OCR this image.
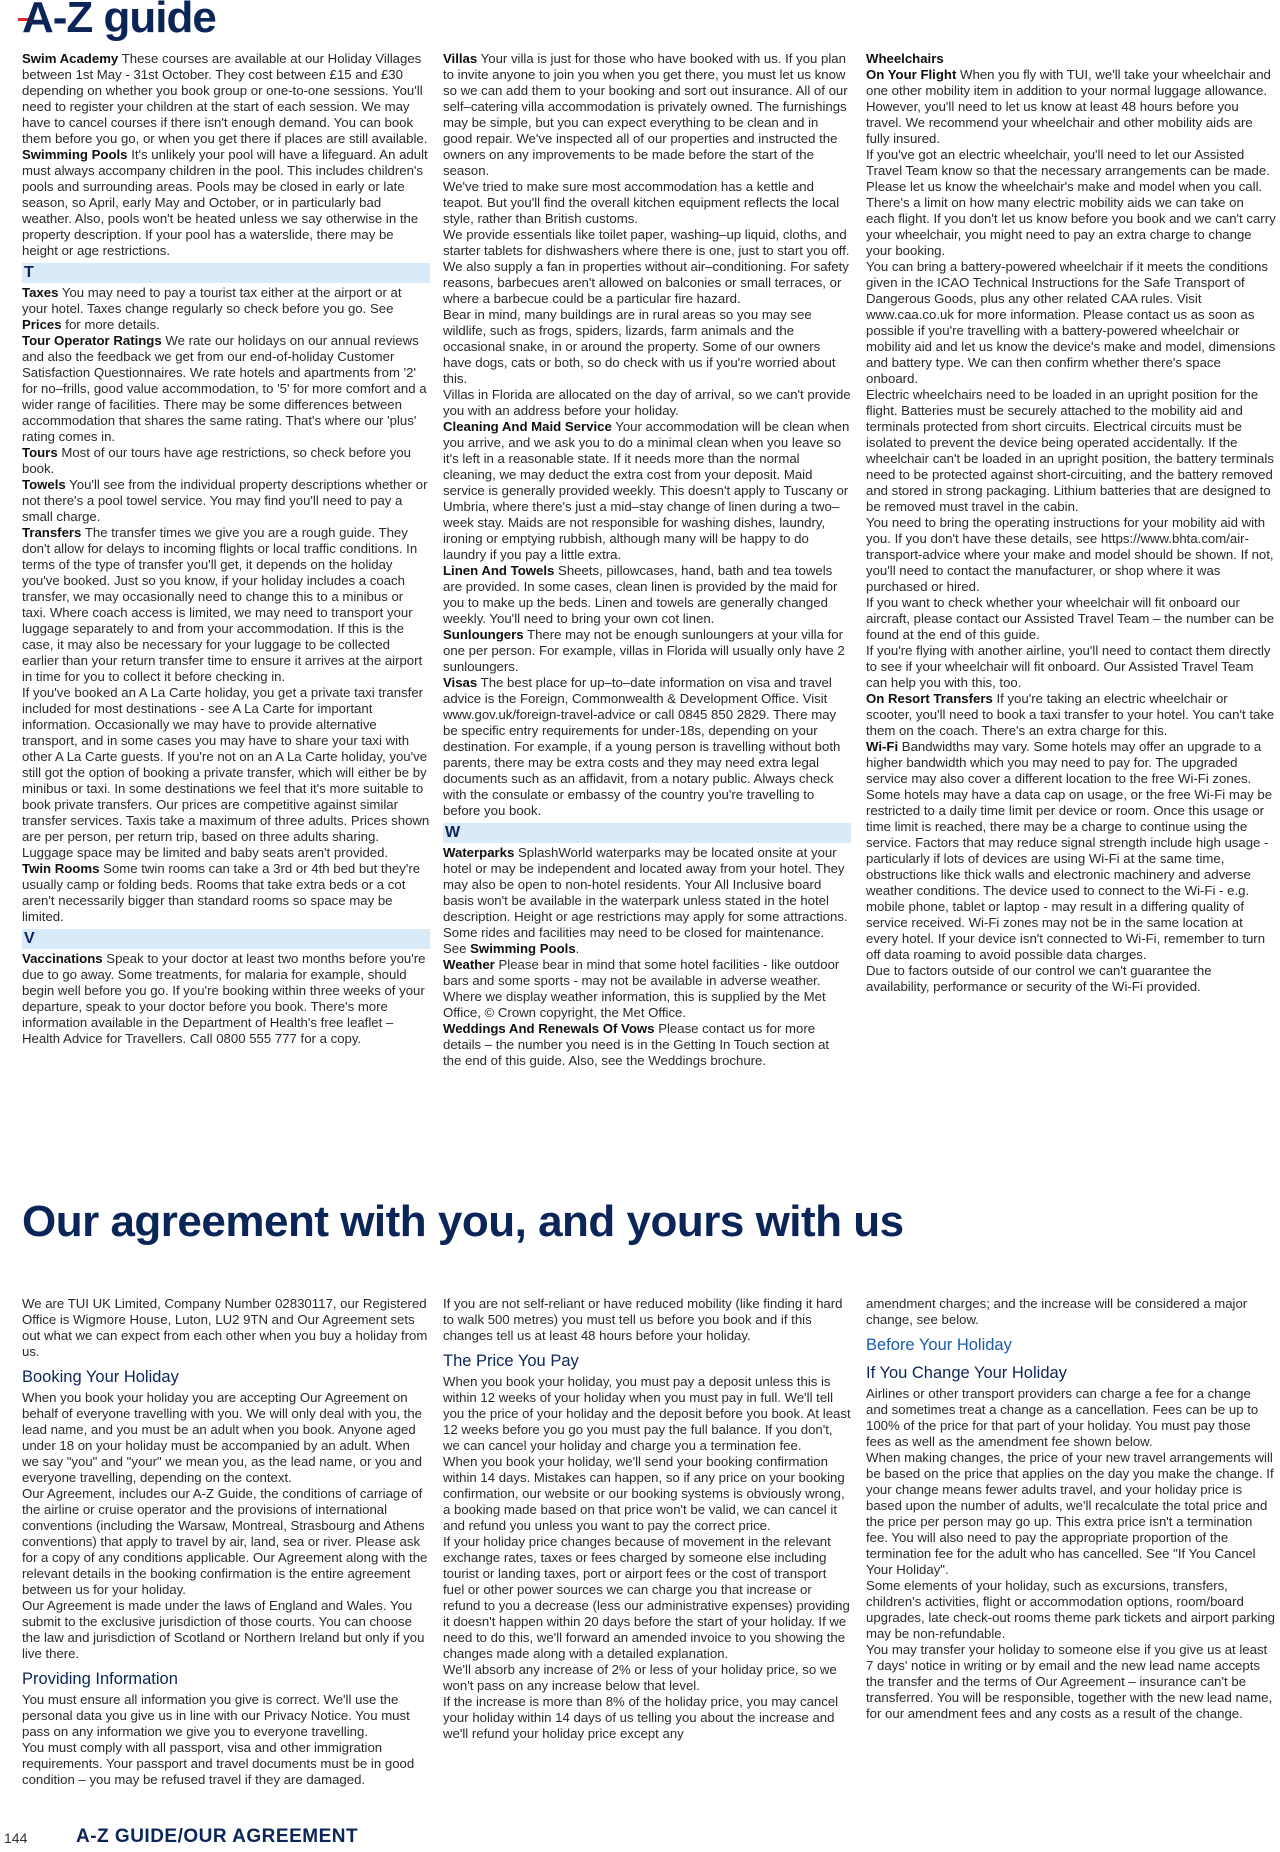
A-Z guide

Swim Academy These courses are available at our Holiday Villages between 1st May - 31st October. They cost between £15 and £30 depending on whether you book group or one-to-one sessions. You'll need to register your children at the start of each session. We may have to cancel courses if there isn't enough demand. You can book them before you go, or when you get there if places are still available.

Swimming Pools It's unlikely your pool will have a lifeguard. An adult must always accompany children in the pool. This includes children's pools and surrounding areas. Pools may be closed in early or late season, so April, early May and October, or in particularly bad weather. Also, pools won't be heated unless we say otherwise in the property description. If your pool has a waterslide, there may be height or age restrictions.

T

Taxes You may need to pay a tourist tax either at the airport or at your hotel. Taxes change regularly so check before you go. See Prices for more details.

Tour Operator Ratings We rate our holidays on our annual reviews and also the feedback we get from our end-of-holiday Customer Satisfaction Questionnaires. We rate hotels and apartments from '2' for no–frills, good value accommodation, to '5' for more comfort and a wider range of facilities. There may be some differences between accommodation that shares the same rating. That's where our 'plus' rating comes in.

Tours Most of our tours have age restrictions, so check before you book.

Towels You'll see from the individual property descriptions whether or not there's a pool towel service. You may find you'll need to pay a small charge.

Transfers The transfer times we give you are a rough guide. They don't allow for delays to incoming flights or local traffic conditions. In terms of the type of transfer you'll get, it depends on the holiday you've booked. Just so you know, if your holiday includes a coach transfer, we may occasionally need to change this to a minibus or taxi. Where coach access is limited, we may need to transport your luggage separately to and from your accommodation. If this is the case, it may also be necessary for your luggage to be collected earlier than your return transfer time to ensure it arrives at the airport in time for you to collect it before checking in.

If you've booked an A La Carte holiday, you get a private taxi transfer included for most destinations - see A La Carte for important information. Occasionally we may have to provide alternative transport, and in some cases you may have to share your taxi with other A La Carte guests. If you're not on an A La Carte holiday, you've still got the option of booking a private transfer, which will either be by minibus or taxi. In some destinations we feel that it's more suitable to book private transfers. Our prices are competitive against similar transfer services. Taxis take a maximum of three adults. Prices shown are per person, per return trip, based on three adults sharing. Luggage space may be limited and baby seats aren't provided.

Twin Rooms Some twin rooms can take a 3rd or 4th bed but they're usually camp or folding beds. Rooms that take extra beds or a cot aren't necessarily bigger than standard rooms so space may be limited.

V

Vaccinations Speak to your doctor at least two months before you're due to go away. Some treatments, for malaria for example, should begin well before you go. If you're booking within three weeks of your departure, speak to your doctor before you book. There's more information available in the Department of Health's free leaflet – Health Advice for Travellers. Call 0800 555 777 for a copy.

Villas Your villa is just for those who have booked with us. If you plan to invite anyone to join you when you get there, you must let us know so we can add them to your booking and sort out insurance. All of our self–catering villa accommodation is privately owned. The furnishings may be simple, but you can expect everything to be clean and in good repair. We've inspected all of our properties and instructed the owners on any improvements to be made before the start of the season.

We've tried to make sure most accommodation has a kettle and teapot. But you'll find the overall kitchen equipment reflects the local style, rather than British customs.

We provide essentials like toilet paper, washing–up liquid, cloths, and starter tablets for dishwashers where there is one, just to start you off. We also supply a fan in properties without air–conditioning. For safety reasons, barbecues aren't allowed on balconies or small terraces, or where a barbecue could be a particular fire hazard.

Bear in mind, many buildings are in rural areas so you may see wildlife, such as frogs, spiders, lizards, farm animals and the occasional snake, in or around the property. Some of our owners have dogs, cats or both, so do check with us if you're worried about this.

Villas in Florida are allocated on the day of arrival, so we can't provide you with an address before your holiday.

Cleaning And Maid Service Your accommodation will be clean when you arrive, and we ask you to do a minimal clean when you leave so it's left in a reasonable state. If it needs more than the normal cleaning, we may deduct the extra cost from your deposit. Maid service is generally provided weekly. This doesn't apply to Tuscany or Umbria, where there's just a mid–stay change of linen during a two–week stay. Maids are not responsible for washing dishes, laundry, ironing or emptying rubbish, although many will be happy to do laundry if you pay a little extra.

Linen And Towels Sheets, pillowcases, hand, bath and tea towels are provided. In some cases, clean linen is provided by the maid for you to make up the beds. Linen and towels are generally changed weekly. You'll need to bring your own cot linen.

Sunloungers There may not be enough sunloungers at your villa for one per person. For example, villas in Florida will usually only have 2 sunloungers.

Visas The best place for up–to–date information on visa and travel advice is the Foreign, Commonwealth & Development Office. Visit www.gov.uk/foreign-travel-advice or call 0845 850 2829. There may be specific entry requirements for under-18s, depending on your destination. For example, if a young person is travelling without both parents, there may be extra costs and they may need extra legal documents such as an affidavit, from a notary public. Always check with the consulate or embassy of the country you're travelling to before you book.

W

Waterparks SplashWorld waterparks may be located onsite at your hotel or may be independent and located away from your hotel. They may also be open to non-hotel residents. Your All Inclusive board basis won't be available in the waterpark unless stated in the hotel description. Height or age restrictions may apply for some attractions. Some rides and facilities may need to be closed for maintenance. See Swimming Pools.

Weather Please bear in mind that some hotel facilities - like outdoor bars and some sports - may not be available in adverse weather. Where we display weather information, this is supplied by the Met Office, © Crown copyright, the Met Office.

Weddings And Renewals Of Vows Please contact us for more details – the number you need is in the Getting In Touch section at the end of this guide. Also, see the Weddings brochure.

Wheelchairs

On Your Flight When you fly with TUI, we'll take your wheelchair and one other mobility item in addition to your normal luggage allowance. However, you'll need to let us know at least 48 hours before you travel. We recommend your wheelchair and other mobility aids are fully insured.

If you've got an electric wheelchair, you'll need to let our Assisted Travel Team know so that the necessary arrangements can be made. Please let us know the wheelchair's make and model when you call. There's a limit on how many electric mobility aids we can take on each flight. If you don't let us know before you book and we can't carry your wheelchair, you might need to pay an extra charge to change your booking.

You can bring a battery-powered wheelchair if it meets the conditions given in the ICAO Technical Instructions for the Safe Transport of Dangerous Goods, plus any other related CAA rules. Visit www.caa.co.uk for more information. Please contact us as soon as possible if you're travelling with a battery-powered wheelchair or mobility aid and let us know the device's make and model, dimensions and battery type. We can then confirm whether there's space onboard.

Electric wheelchairs need to be loaded in an upright position for the flight. Batteries must be securely attached to the mobility aid and terminals protected from short circuits. Electrical circuits must be isolated to prevent the device being operated accidentally. If the wheelchair can't be loaded in an upright position, the battery terminals need to be protected against short-circuiting, and the battery removed and stored in strong packaging. Lithium batteries that are designed to be removed must travel in the cabin.

You need to bring the operating instructions for your mobility aid with you. If you don't have these details, see https://www.bhta.com/air-transport-advice where your make and model should be shown. If not, you'll need to contact the manufacturer, or shop where it was purchased or hired.

If you want to check whether your wheelchair will fit onboard our aircraft, please contact our Assisted Travel Team – the number can be found at the end of this guide.

If you're flying with another airline, you'll need to contact them directly to see if your wheelchair will fit onboard. Our Assisted Travel Team can help you with this, too.

On Resort Transfers If you're taking an electric wheelchair or scooter, you'll need to book a taxi transfer to your hotel. You can't take them on the coach. There's an extra charge for this.

Wi-Fi Bandwidths may vary. Some hotels may offer an upgrade to a higher bandwidth which you may need to pay for. The upgraded service may also cover a different location to the free Wi-Fi zones. Some hotels may have a data cap on usage, or the free Wi-Fi may be restricted to a daily time limit per device or room. Once this usage or time limit is reached, there may be a charge to continue using the service. Factors that may reduce signal strength include high usage - particularly if lots of devices are using Wi-Fi at the same time, obstructions like thick walls and electronic machinery and adverse weather conditions. The device used to connect to the Wi-Fi - e.g. mobile phone, tablet or laptop - may result in a differing quality of service received. Wi-Fi zones may not be in the same location at every hotel. If your device isn't connected to Wi-Fi, remember to turn off data roaming to avoid possible data charges.

Due to factors outside of our control we can't guarantee the availability, performance or security of the Wi-Fi provided.

Our agreement with you, and yours with us

We are TUI UK Limited, Company Number 02830117, our Registered Office is Wigmore House, Luton, LU2 9TN and Our Agreement sets out what we can expect from each other when you buy a holiday from us.

Booking Your Holiday

When you book your holiday you are accepting Our Agreement on behalf of everyone travelling with you. We will only deal with you, the lead name, and you must be an adult when you book. Anyone aged under 18 on your holiday must be accompanied by an adult. When we say "you" and "your" we mean you, as the lead name, or you and everyone travelling, depending on the context.

Our Agreement, includes our A-Z Guide, the conditions of carriage of the airline or cruise operator and the provisions of international conventions (including the Warsaw, Montreal, Strasbourg and Athens conventions) that apply to travel by air, land, sea or river. Please ask for a copy of any conditions applicable. Our Agreement along with the relevant details in the booking confirmation is the entire agreement between us for your holiday.

Our Agreement is made under the laws of England and Wales. You submit to the exclusive jurisdiction of those courts. You can choose the law and jurisdiction of Scotland or Northern Ireland but only if you live there.

Providing Information

You must ensure all information you give is correct. We'll use the personal data you give us in line with our Privacy Notice. You must pass on any information we give you to everyone travelling.

You must comply with all passport, visa and other immigration requirements. Your passport and travel documents must be in good condition – you may be refused travel if they are damaged.

If you are not self-reliant or have reduced mobility (like finding it hard to walk 500 metres) you must tell us before you book and if this changes tell us at least 48 hours before your holiday.

The Price You Pay

When you book your holiday, you must pay a deposit unless this is within 12 weeks of your holiday when you must pay in full. We'll tell you the price of your holiday and the deposit before you book. At least 12 weeks before you go you must pay the full balance. If you don't, we can cancel your holiday and charge you a termination fee.

When you book your holiday, we'll send your booking confirmation within 14 days. Mistakes can happen, so if any price on your booking confirmation, our website or our booking systems is obviously wrong, a booking made based on that price won't be valid, we can cancel it and refund you unless you want to pay the correct price.

If your holiday price changes because of movement in the relevant exchange rates, taxes or fees charged by someone else including tourist or landing taxes, port or airport fees or the cost of transport fuel or other power sources we can charge you that increase or refund to you a decrease (less our administrative expenses) providing it doesn't happen within 20 days before the start of your holiday. If we need to do this, we'll forward an amended invoice to you showing the changes made along with a detailed explanation.

We'll absorb any increase of 2% or less of your holiday price, so we won't pass on any increase below that level.

If the increase is more than 8% of the holiday price, you may cancel your holiday within 14 days of us telling you about the increase and we'll refund your holiday price except any

amendment charges; and the increase will be considered a major change, see below.

Before Your Holiday
If You Change Your Holiday

Airlines or other transport providers can charge a fee for a change and sometimes treat a change as a cancellation. Fees can be up to 100% of the price for that part of your holiday. You must pay those fees as well as the amendment fee shown below.

When making changes, the price of your new travel arrangements will be based on the price that applies on the day you make the change. If your change means fewer adults travel, and your holiday price is based upon the number of adults, we'll recalculate the total price and the price per person may go up. This extra price isn't a termination fee. You will also need to pay the appropriate proportion of the termination fee for the adult who has cancelled. See "If You Cancel Your Holiday".

Some elements of your holiday, such as excursions, transfers, children's activities, flight or accommodation options, room/board upgrades, late check-out rooms theme park tickets and airport parking may be non-refundable.

You may transfer your holiday to someone else if you give us at least 7 days' notice in writing or by email and the new lead name accepts the transfer and the terms of Our Agreement – insurance can't be transferred. You will be responsible, together with the new lead name, for our amendment fees and any costs as a result of the change.

144	A-Z GUIDE/OUR AGREEMENT
